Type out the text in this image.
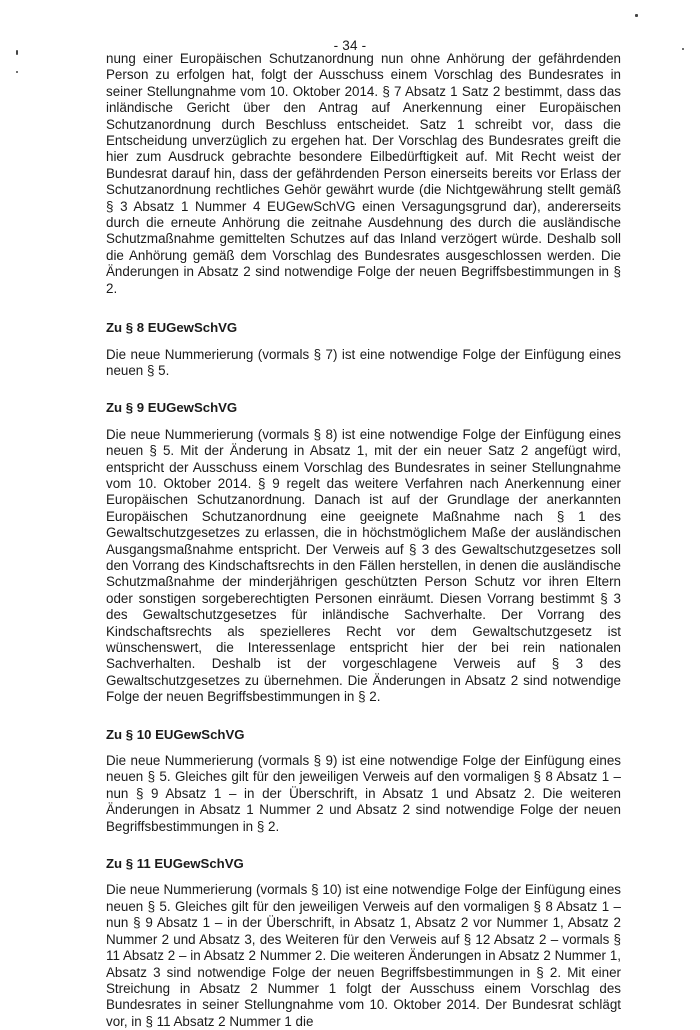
- 34 -

nung einer Europäischen Schutzanordnung nun ohne Anhörung der gefährdenden Person zu erfolgen hat, folgt der Ausschuss einem Vorschlag des Bundesrates in seiner Stellungnahme vom 10. Oktober 2014. § 7 Absatz 1 Satz 2 bestimmt, dass das inländische Gericht über den Antrag auf Anerkennung einer Europäischen Schutzanordnung durch Beschluss entscheidet. Satz 1 schreibt vor, dass die Entscheidung unverzüglich zu ergehen hat. Der Vorschlag des Bundesrates greift die hier zum Ausdruck gebrachte besondere Eilbedürftigkeit auf. Mit Recht weist der Bundesrat darauf hin, dass der gefährdenden Person einerseits bereits vor Erlass der Schutzanordnung rechtliches Gehör gewährt wurde (die Nichtgewährung stellt gemäß § 3 Absatz 1 Nummer 4 EUGewSchVG einen Versagungsgrund dar), andererseits durch die erneute Anhörung die zeitnahe Ausdehnung des durch die ausländische Schutzmaßnahme gemittelten Schutzes auf das Inland verzögert würde. Deshalb soll die Anhörung gemäß dem Vorschlag des Bundesrates ausgeschlossen werden. Die Änderungen in Absatz 2 sind notwendige Folge der neuen Begriffsbestimmungen in § 2.

Zu § 8 EUGewSchVG

Die neue Nummerierung (vormals § 7) ist eine notwendige Folge der Einfügung eines neuen § 5.

Zu § 9 EUGewSchVG

Die neue Nummerierung (vormals § 8) ist eine notwendige Folge der Einfügung eines neuen § 5. Mit der Änderung in Absatz 1, mit der ein neuer Satz 2 angefügt wird, entspricht der Ausschuss einem Vorschlag des Bundesrates in seiner Stellungnahme vom 10. Oktober 2014. § 9 regelt das weitere Verfahren nach Anerkennung einer Europäischen Schutzanordnung. Danach ist auf der Grundlage der anerkannten Europäischen Schutzanordnung eine geeignete Maßnahme nach § 1 des Gewaltschutzgesetzes zu erlassen, die in höchstmöglichem Maße der ausländischen Ausgangsmaßnahme entspricht. Der Verweis auf § 3 des Gewaltschutzgesetzes soll den Vorrang des Kindschaftsrechts in den Fällen herstellen, in denen die ausländische Schutzmaßnahme der minderjährigen geschützten Person Schutz vor ihren Eltern oder sonstigen sorgeberechtigten Personen einräumt. Diesen Vorrang bestimmt § 3 des Gewaltschutzgesetzes für inländische Sachverhalte. Der Vorrang des Kindschaftsrechts als spezielleres Recht vor dem Gewaltschutzgesetz ist wünschenswert, die Interessenlage entspricht hier der bei rein nationalen Sachverhalten. Deshalb ist der vorgeschlagene Verweis auf § 3 des Gewaltschutzgesetzes zu übernehmen. Die Änderungen in Absatz 2 sind notwendige Folge der neuen Begriffsbestimmungen in § 2.

Zu § 10 EUGewSchVG

Die neue Nummerierung (vormals § 9) ist eine notwendige Folge der Einfügung eines neuen § 5. Gleiches gilt für den jeweiligen Verweis auf den vormaligen § 8 Absatz 1 – nun § 9 Absatz 1 – in der Überschrift, in Absatz 1 und Absatz 2. Die weiteren Änderungen in Absatz 1 Nummer 2 und Absatz 2 sind notwendige Folge der neuen Begriffsbestimmungen in § 2.

Zu § 11 EUGewSchVG

Die neue Nummerierung (vormals § 10) ist eine notwendige Folge der Einfügung eines neuen § 5. Gleiches gilt für den jeweiligen Verweis auf den vormaligen § 8 Absatz 1 – nun § 9 Absatz 1 – in der Überschrift, in Absatz 1, Absatz 2 vor Nummer 1, Absatz 2 Nummer 2 und Absatz 3, des Weiteren für den Verweis auf § 12 Absatz 2 – vormals § 11 Absatz 2 – in Absatz 2 Nummer 2. Die weiteren Änderungen in Absatz 2 Nummer 1, Absatz 3 sind notwendige Folge der neuen Begriffsbestimmungen in § 2. Mit einer Streichung in Absatz 2 Nummer 1 folgt der Ausschuss einem Vorschlag des Bundesrates in seiner Stellungnahme vom 10. Oktober 2014. Der Bundesrat schlägt vor, in § 11 Absatz 2 Nummer 1 die
